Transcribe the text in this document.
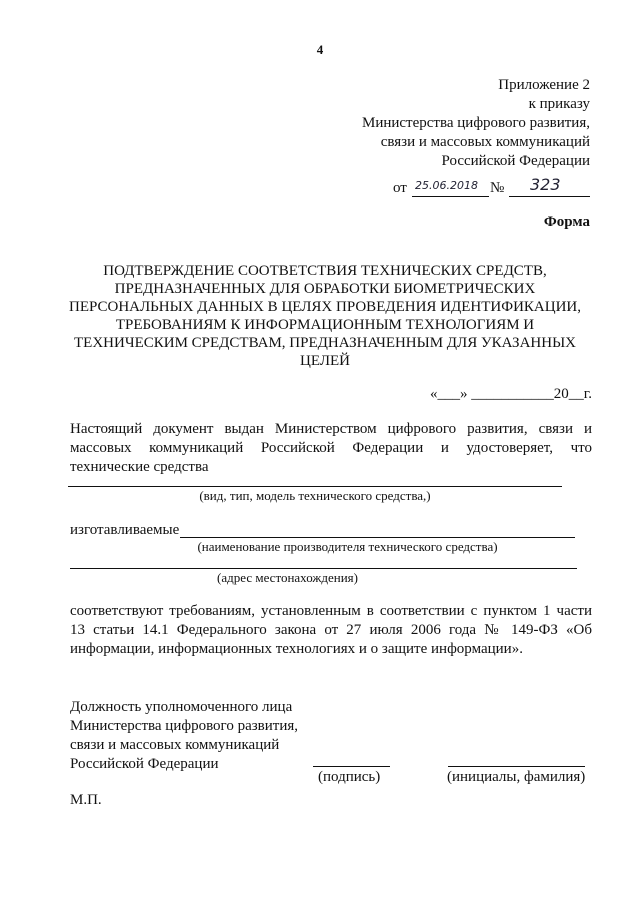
4
Приложение 2
к приказу
Министерства цифрового развития,
связи и массовых коммуникаций
Российской Федерации
от 25.06.2018 № 323
Форма
ПОДТВЕРЖДЕНИЕ СООТВЕТСТВИЯ ТЕХНИЧЕСКИХ СРЕДСТВ, ПРЕДНАЗНАЧЕННЫХ ДЛЯ ОБРАБОТКИ БИОМЕТРИЧЕСКИХ ПЕРСОНАЛЬНЫХ ДАННЫХ В ЦЕЛЯХ ПРОВЕДЕНИЯ ИДЕНТИФИКАЦИИ, ТРЕБОВАНИЯМ К ИНФОРМАЦИОННЫМ ТЕХНОЛОГИЯМ И ТЕХНИЧЕСКИМ СРЕДСТВАМ, ПРЕДНАЗНАЧЕННЫМ ДЛЯ УКАЗАННЫХ ЦЕЛЕЙ
«___» ___________20__г.
Настоящий документ выдан Министерством цифрового развития, связи и массовых коммуникаций Российской Федерации и удостоверяет, что технические средства
(вид, тип, модель технического средства,)
изготавливаемые
(наименование производителя технического средства)
(адрес местонахождения)
соответствуют требованиям, установленным в соответствии с пунктом 1 части 13 статьи 14.1 Федерального закона от 27 июля 2006 года № 149-ФЗ «Об информации, информационных технологиях и о защите информации».
Должность уполномоченного лица
Министерства цифрового развития,
связи и массовых коммуникаций
Российской Федерации
(подпись)	(инициалы, фамилия)
М.П.
